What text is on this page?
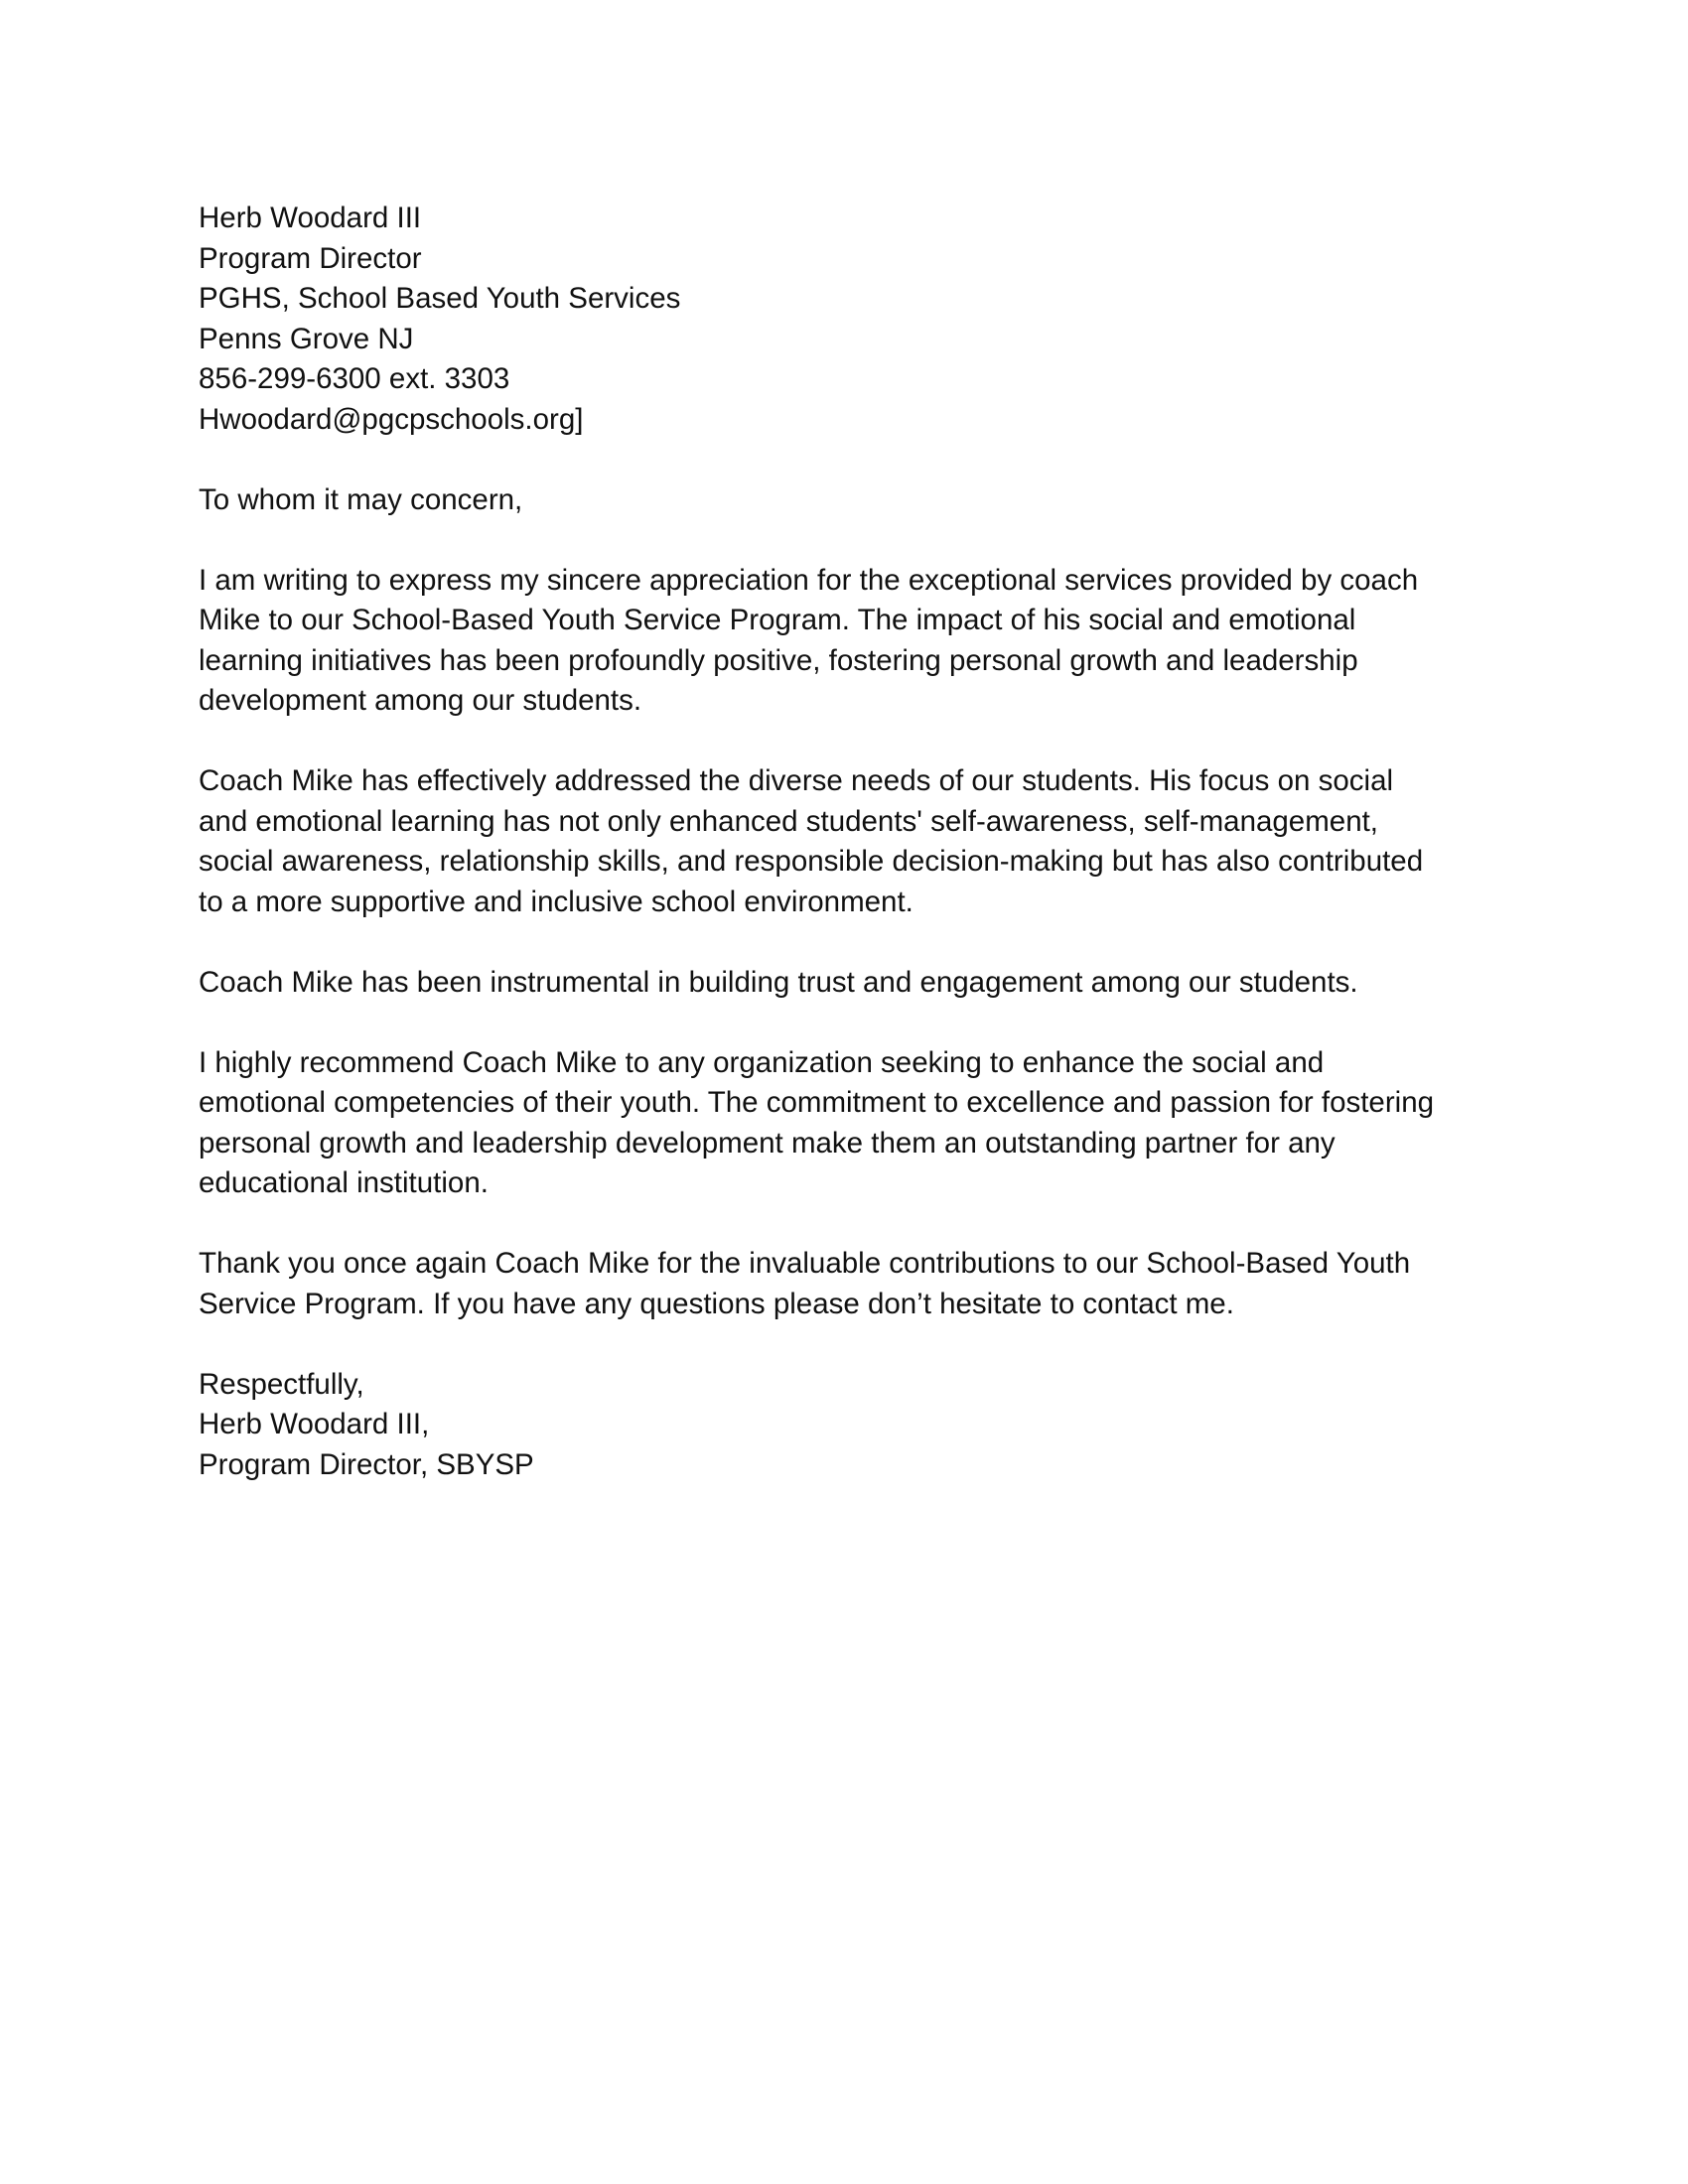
Herb Woodard III
Program Director
PGHS, School Based Youth Services
Penns Grove NJ
856-299-6300 ext. 3303
Hwoodard@pgcpschools.org]
To whom it may concern,
I am writing to express my sincere appreciation for the exceptional services provided by coach
Mike to our School-Based Youth Service Program. The impact of his social and emotional
learning initiatives has been profoundly positive, fostering personal growth and leadership
development among our students.
Coach Mike has effectively addressed the diverse needs of our students. His focus on social
and emotional learning has not only enhanced students' self-awareness, self-management,
social awareness, relationship skills, and responsible decision-making but has also contributed
to a more supportive and inclusive school environment.
Coach Mike has been instrumental in building trust and engagement among our students.
I highly recommend Coach Mike to any organization seeking to enhance the social and
emotional competencies of their youth. The commitment to excellence and passion for fostering
personal growth and leadership development make them an outstanding partner for any
educational institution.
Thank you once again Coach Mike for the invaluable contributions to our School-Based Youth
Service Program. If you have any questions please don’t hesitate to contact me.
Respectfully,
Herb Woodard III,
Program Director, SBYSP
